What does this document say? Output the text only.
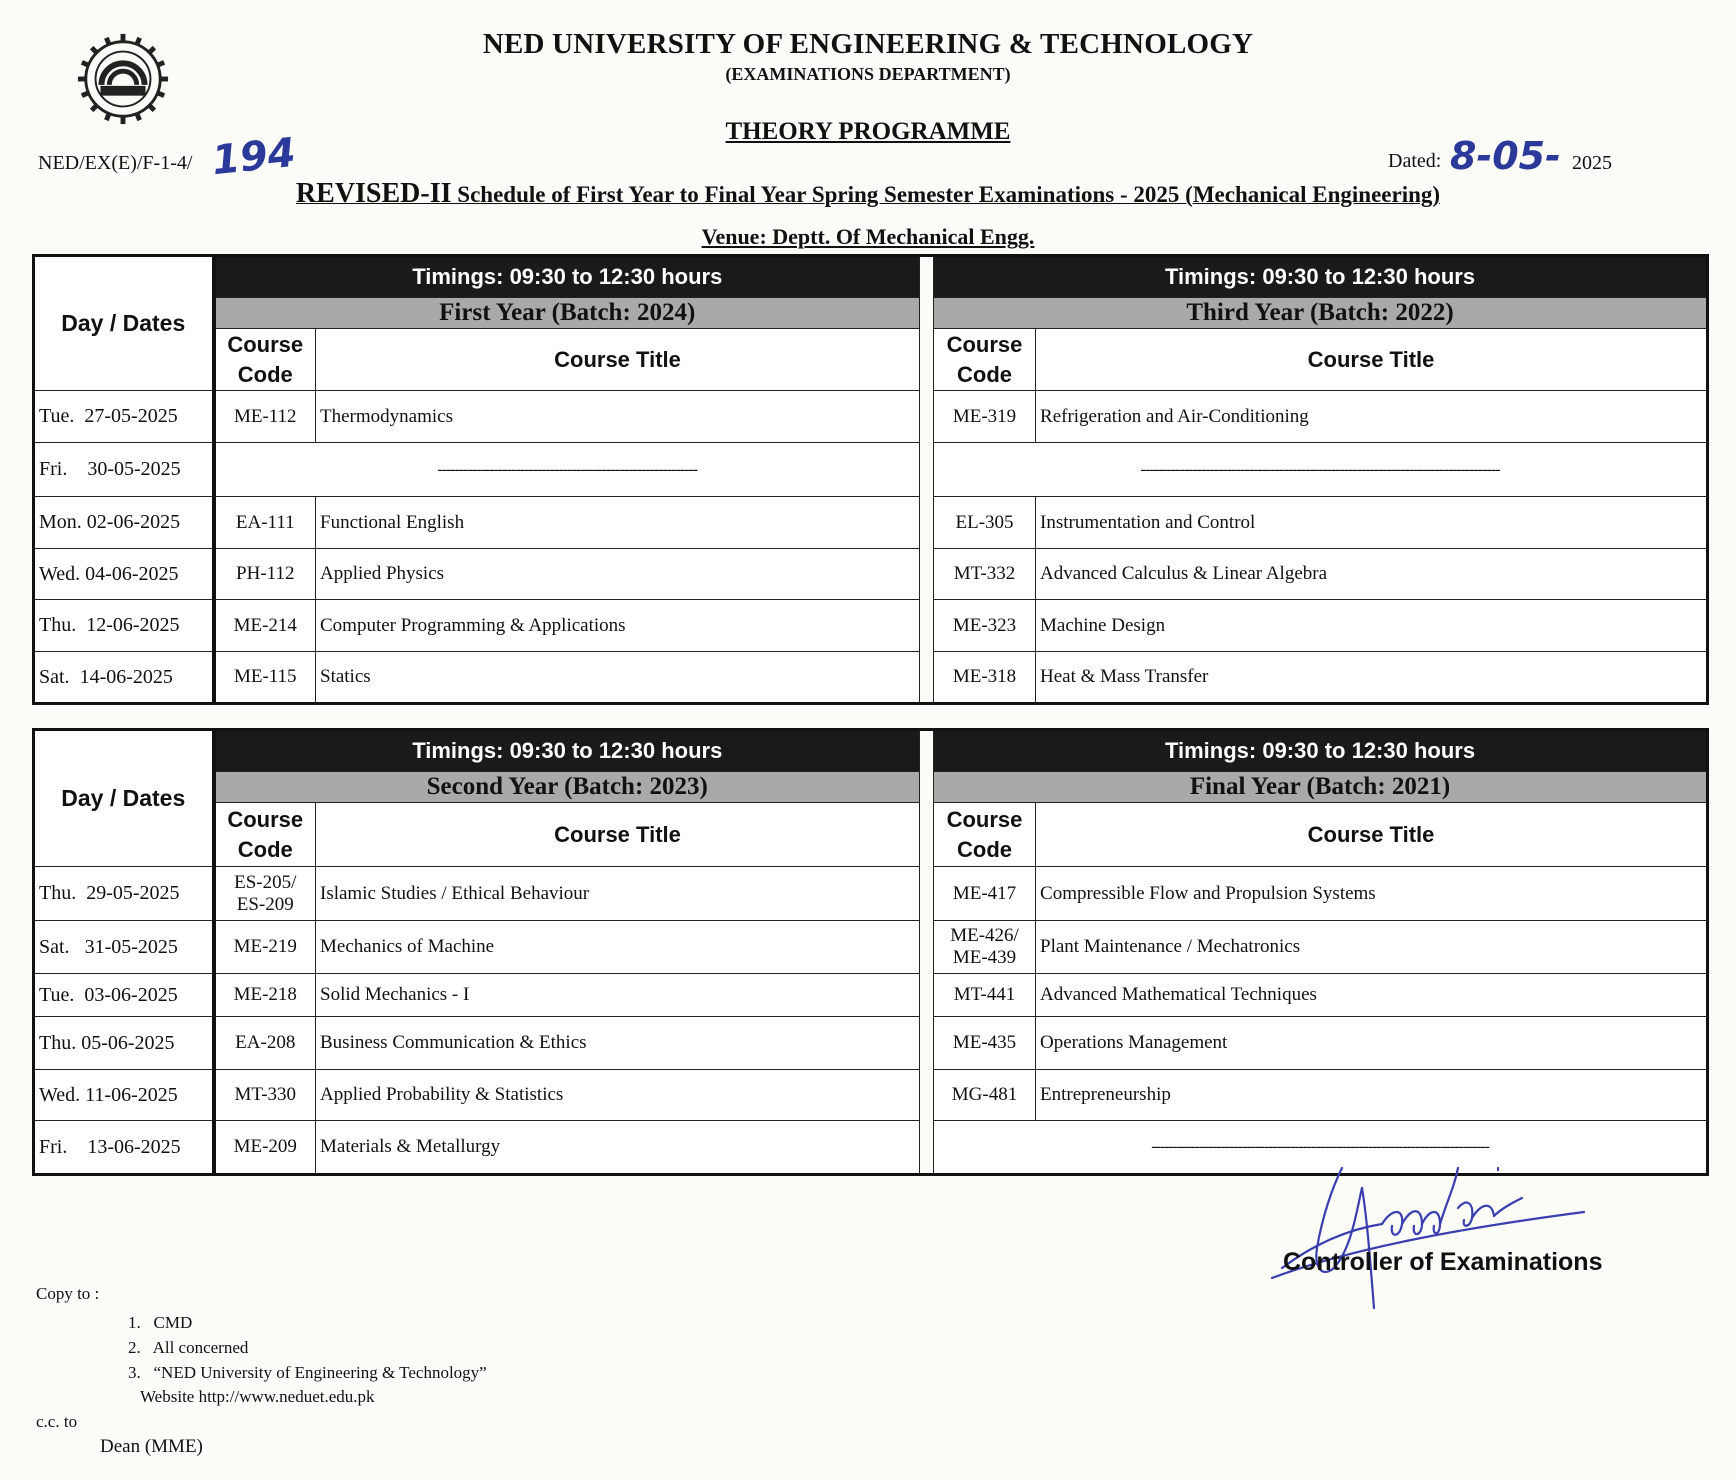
NED UNIVERSITY OF ENGINEERING & TECHNOLOGY
(EXAMINATIONS DEPARTMENT)
THEORY PROGRAMME
NED/EX(E)/F-1-4/ 194	Dated: 8-05- 2025
REVISED-II Schedule of First Year to Final Year Spring Semester Examinations - 2025 (Mechanical Engineering)
Venue: Deptt. Of Mechanical Engg.
Day / Dates	Timings: 09:30 to 12:30 hours			Timings: 09:30 to 12:30 hours	
	First Year (Batch: 2024)			Third Year (Batch: 2022)	
	Course Code	Course Title		Course Code	Course Title
Tue. 27-05-2025	ME-112	Thermodynamics		ME-319	Refrigeration and Air-Conditioning
Fri. 30-05-2025	------------------------------------------------------------			-----------------------------------------------------------------------------------	
Mon. 02-06-2025	EA-111	Functional English		EL-305	Instrumentation and Control
Wed. 04-06-2025	PH-112	Applied Physics		MT-332	Advanced Calculus & Linear Algebra
Thu. 12-06-2025	ME-214	Computer Programming & Applications		ME-323	Machine Design
Sat. 14-06-2025	ME-115	Statics		ME-318	Heat & Mass Transfer
Day / Dates	Timings: 09:30 to 12:30 hours			Timings: 09:30 to 12:30 hours	
	Second Year (Batch: 2023)			Final Year (Batch: 2021)	
	Course Code	Course Title		Course Code	Course Title
Thu. 29-05-2025	ES-205/ ES-209	Islamic Studies / Ethical Behaviour		ME-417	Compressible Flow and Propulsion Systems
Sat. 31-05-2025	ME-219	Mechanics of Machine		ME-426/ ME-439	Plant Maintenance / Mechatronics
Tue. 03-06-2025	ME-218	Solid Mechanics - I		MT-441	Advanced Mathematical Techniques
Thu. 05-06-2025	EA-208	Business Communication & Ethics		ME-435	Operations Management
Wed. 11-06-2025	MT-330	Applied Probability & Statistics		MG-481	Entrepreneurship
Fri. 13-06-2025	ME-209	Materials & Metallurgy		------------------------------------------------------------------------------	
Controller of Examinations
Copy to :
1.   CMD
2.   All concerned
3.   “NED University of Engineering & Technology”
Website http://www.neduet.edu.pk
c.c. to
Dean (MME)
